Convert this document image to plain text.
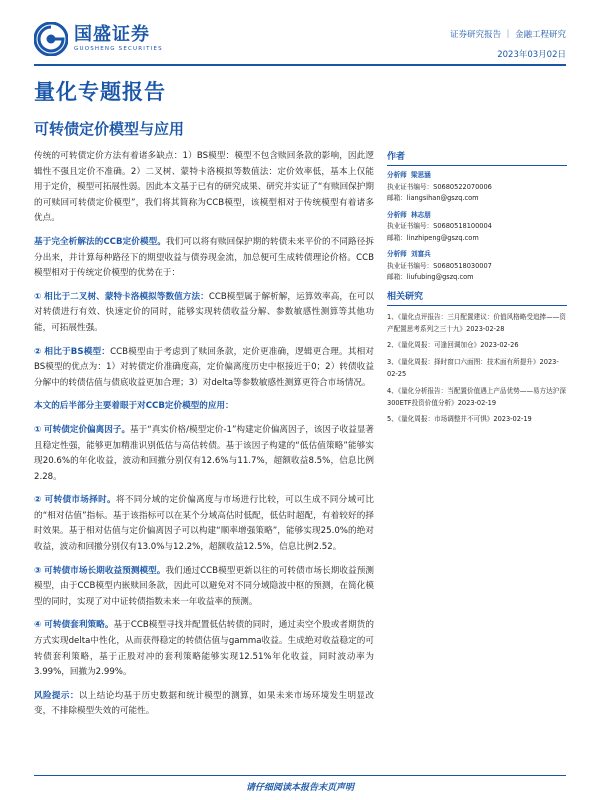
国盛证券
GUOSHENG SECURITIES
证券研究报告 ｜ 金融工程研究
2023年03月02日
量化专题报告
可转债定价模型与应用

传统的可转债定价方法有着诸多缺点：1）BS模型：模型不包含赎回条款的影响，因此逻辑性不强且定价不准确。2）二叉树、蒙特卡洛模拟等数值法：定价效率低，基本上仅能用于定价，模型可拓展性弱。因此本文基于已有的研究成果、研究并实证了“有赎回保护期的可赎回可转债定价模型”，我们将其简称为CCB模型，该模型相对于传统模型有着诸多优点。

基于完全析解法的CCB定价模型。我们可以将有赎回保护期的转债未来平价的不同路径拆分出来，并计算每种路径下的期望收益与债券现金流，加总便可生成转债理论价格。CCB模型相对于传统定价模型的优势在于：

① 相比于二叉树、蒙特卡洛模拟等数值方法：CCB模型属于解析解，运算效率高，在可以对转债进行有效、快速定价的同时，能够实现转债收益分解、参数敏感性测算等其他功能，可拓展性强。

② 相比于BS模型：CCB模型由于考虑到了赎回条款，定价更准确，逻辑更合理。其相对BS模型的优点为：1）对转债定价准确度高，定价偏离度历史中枢接近于0；2）转债收益分解中的转债估值与债底收益更加合理；3）对delta等参数敏感性测算更符合市场情况。

本文的后半部分主要着眼于对CCB定价模型的应用：

① 可转债定价偏离因子。基于“真实价格/模型定价-1”构建定价偏离因子，该因子收益显著且稳定性强，能够更加精准识别低估与高估转债。基于该因子构建的“低估值策略”能够实现20.6%的年化收益，波动和回撤分别仅有12.6%与11.7%，超额收益8.5%，信息比例2.28。

② 可转债市场择时。将不同分域的定价偏离度与市场进行比较，可以生成不同分域可比的“相对估值”指标。基于该指标可以在某个分域高估时低配，低估时超配，有着较好的择时效果。基于相对估值与定价偏离因子可以构建“顺率增强策略”，能够实现25.0%的绝对收益，波动和回撤分别仅有13.0%与12.2%，超额收益12.5%，信息比例2.52。

③ 可转债市场长期收益预测模型。我们通过CCB模型更新以往的可转债市场长期收益预测模型，由于CCB模型内嵌赎回条款，因此可以避免对不同分域隐波中枢的预测，在简化模型的同时，实现了对中证转债指数未来一年收益率的预测。

④ 可转债套利策略。基于CCB模型寻找并配置低估转债的同时，通过卖空个股或者期货的方式实现delta中性化，从而获得稳定的转债估值与gamma收益。生成绝对收益稳定的可转债套利策略，基于正股对冲的套利策略能够实现12.51%年化收益，同时波动率为3.99%，回撤为2.99%。

风险提示：以上结论均基于历史数据和统计模型的测算，如果未来市场环境发生明显改变，不排除模型失效的可能性。

作者
分析师 梁思涵
执业证书编号：S0680522070006
邮箱：liangsihan@gszq.com
分析师 林志朋
执业证书编号：S0680518100004
邮箱：linzhipeng@gszq.com
分析师 刘富兵
执业证书编号：S0680518030007
邮箱：liufubing@gszq.com
相关研究
1、《量化点评报告：三月配置建议：价值风格略受追捧——资产配置思考系列之三十九》2023-02-28
2、《量化周报：可逢回调加仓》2023-02-26
3、《量化周报：择时窗口六面图：技术面有所提升》2023-02-25
4、《量化分析报告：当配置价值遇上产品优势——易方达沪深300ETF投资价值分析》2023-02-19
5、《量化周报：市场调整并不可惧》2023-02-19
请仔细阅读本报告末页声明
